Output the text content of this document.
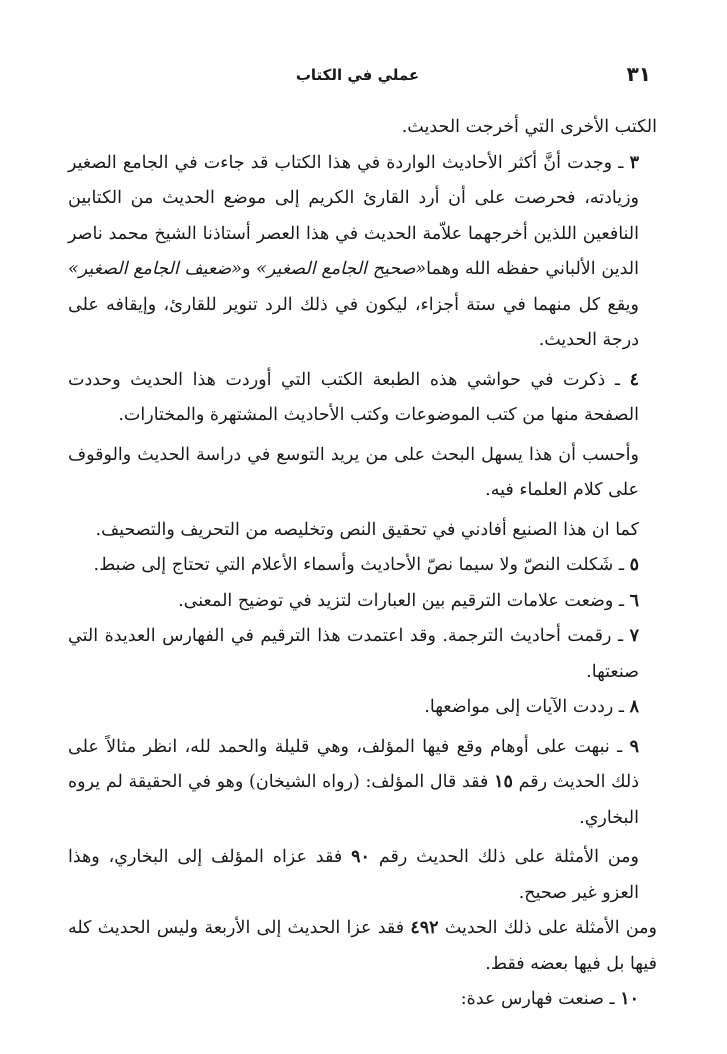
٣١
عملي في الكتاب

الكتب الأخرى التي أخرجت الحديث.

٣ ـ وجدت أنَّ أكثر الأحاديث الواردة في هذا الكتاب قد جاءت في الجامع الصغير وزيادته، فحرصت على أن أرد القارئ الكريم إلى موضع الحديث من الكتابين النافعين اللذين أخرجهما علاّمة الحديث في هذا العصر أستاذنا الشيخ محمد ناصر الدين الألباني حفظه الله وهما«صحيح الجامع الصغير» و«ضعيف الجامع الصغير» ويقع كل منهما في ستة أجزاء، ليكون في ذلك الرد تنوير للقارئ، وإيقافه على درجة الحديث.

٤ ـ ذكرت في حواشي هذه الطبعة الكتب التي أوردت هذا الحديث وحددت الصفحة منها من كتب الموضوعات وكتب الأحاديث المشتهرة والمختارات.

وأحسب أن هذا يسهل البحث على من يريد التوسع في دراسة الحديث والوقوف على كلام العلماء فيه.

كما ان هذا الصنيع أفادني في تحقيق النص وتخليصه من التحريف والتصحيف.

٥ ـ شَكلت النصّ ولا سيما نصّ الأحاديث وأسماء الأعلام التي تحتاج إلى ضبط.

٦ ـ وضعت علامات الترقيم بين العبارات لتزيد في توضيح المعنى.

٧ ـ رقمت أحاديث الترجمة. وقد اعتمدت هذا الترقيم في الفهارس العديدة التي صنعتها.

٨ ـ رددت الآيات إلى مواضعها.

٩ ـ نبهت على أوهام وقع فيها المؤلف، وهي قليلة والحمد لله، انظر مثالاً على ذلك الحديث رقم ١٥ فقد قال المؤلف: (رواه الشيخان) وهو في الحقيقة لم يروه البخاري.

ومن الأمثلة على ذلك الحديث رقم ٩٠ فقد عزاه المؤلف إلى البخاري، وهذا العزو غير صحيح.

ومن الأمثلة على ذلك الحديث ٤٩٢ فقد عزا الحديث إلى الأربعة وليس الحديث كله فيها بل فيها بعضه فقط.

١٠ ـ صنعت فهارس عدة:
